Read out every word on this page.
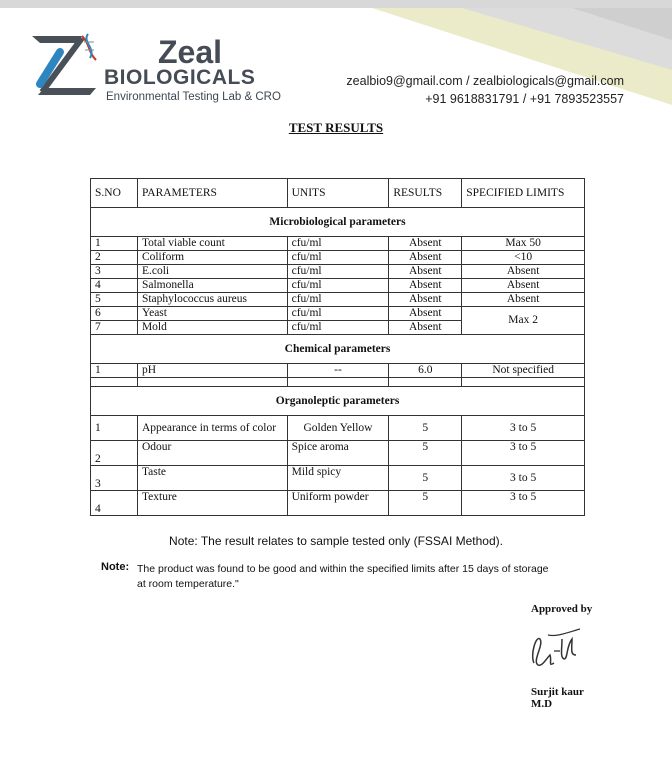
Zeal
BIOLOGICALS
Environmental Testing Lab & CRO
zealbio9@gmail.com / zealbiologicals@gmail.com
+91 9618831791 / +91 7893523557
TEST RESULTS
S.NO	PARAMETERS	UNITS	RESULTS	SPECIFIED LIMITS
Microbiological parameters				
1	Total viable count	cfu/ml	Absent	Max 50
2	Coliform	cfu/ml	Absent	<10
3	E.coli	cfu/ml	Absent	Absent
4	Salmonella	cfu/ml	Absent	Absent
5	Staphylococcus aureus	cfu/ml	Absent	Absent
6	Yeast	cfu/ml	Absent	Max 2
7	Mold	cfu/ml	Absent	
Chemical parameters				
1	pH	--	6.0	Not specified

Organoleptic parameters				
1	Appearance in terms of color	Golden Yellow	5	3 to 5
2	Odour	Spice aroma	5	3 to 5
3	Taste	Mild spicy	5	3 to 5
4	Texture	Uniform powder	5	3 to 5
Note: The result relates to sample tested only (FSSAI Method).
Note: The product was found to be good and within the specified limits after 15 days of storage at room temperature."
Approved by
Surjit kaur
M.D
